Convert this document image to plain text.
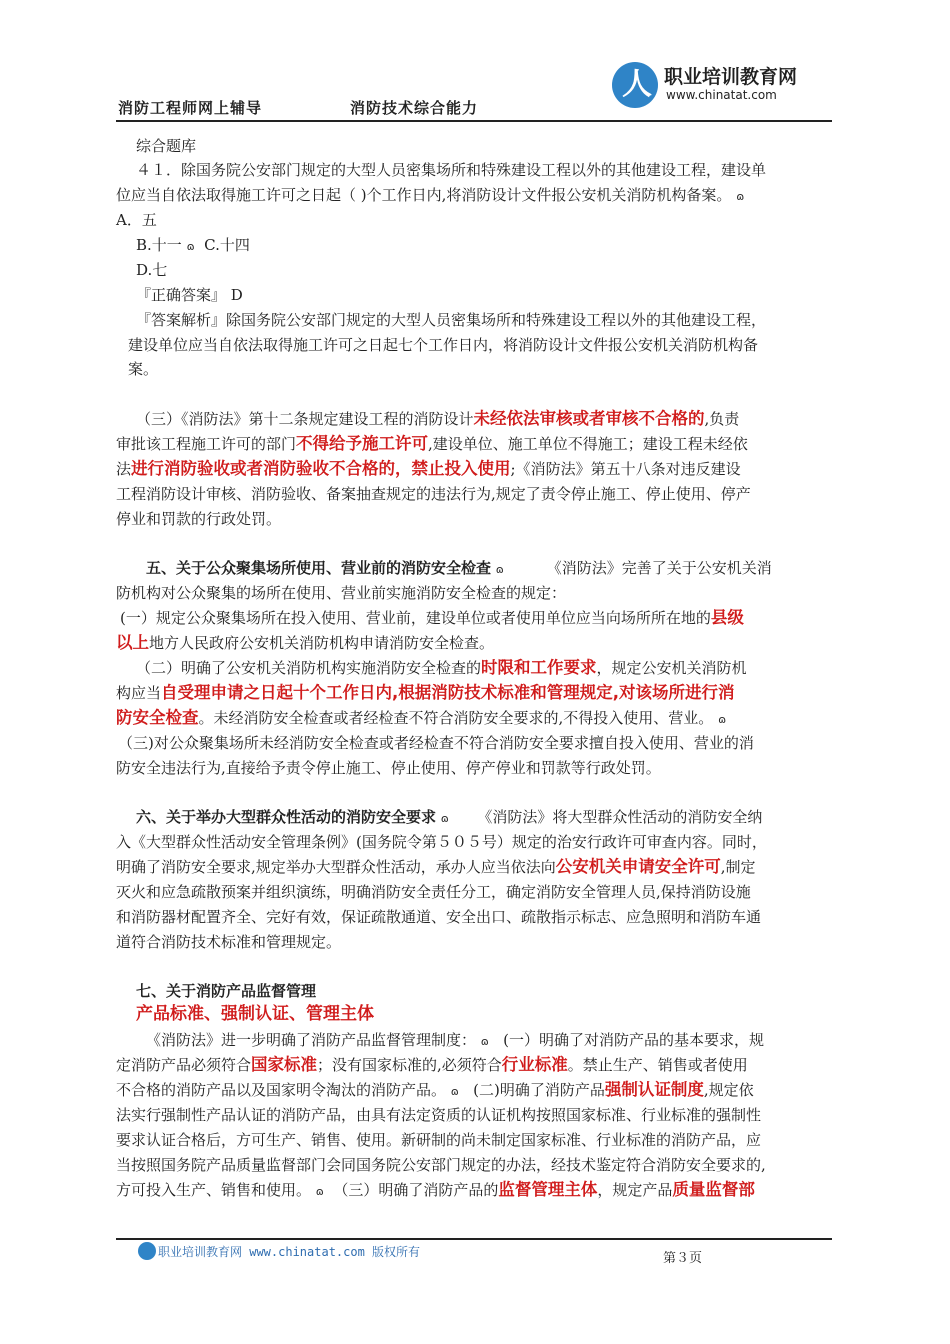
消防工程师网上辅导	消防技术综合能力
人 职业培训教育网
www.chinatat.com
综合题库
４１．除国务院公安部门规定的大型人员密集场所和特殊建设工程以外的其他建设工程，建设单
位应当自依法取得施工许可之日起（ )个工作日内,将消防设计文件报公安机关消防机构备案。 ɷ
A．五
B.十一 ɷ C.十四
D.七
『正确答案』 D
『答案解析』除国务院公安部门规定的大型人员密集场所和特殊建设工程以外的其他建设工程，
建设单位应当自依法取得施工许可之日起七个工作日内，将消防设计文件报公安机关消防机构备
案。
（三）《消防法》第十二条规定建设工程的消防设计未经依法审核或者审核不合格的,负责
审批该工程施工许可的部门不得给予施工许可,建设单位、施工单位不得施工；建设工程未经依
法进行消防验收或者消防验收不合格的，禁止投入使用;《消防法》第五十八条对违反建设
工程消防设计审核、消防验收、备案抽查规定的违法行为,规定了责令停止施工、停止使用、停产
停业和罚款的行政处罚。
五、关于公众聚集场所使用、营业前的消防安全检查 ɷ	《消防法》完善了关于公安机关消
防机构对公众聚集的场所在使用、营业前实施消防安全检查的规定：
(一）规定公众聚集场所在投入使用、营业前，建设单位或者使用单位应当向场所所在地的县级
以上地方人民政府公安机关消防机构申请消防安全检查。
（二）明确了公安机关消防机构实施消防安全检查的时限和工作要求，规定公安机关消防机
构应当自受理申请之日起十个工作日内,根据消防技术标准和管理规定,对该场所进行消
防安全检查。未经消防安全检查或者经检查不符合消防安全要求的,不得投入使用、营业。 ɷ
（三)对公众聚集场所未经消防安全检查或者经检查不符合消防安全要求擅自投入使用、营业的消
防安全违法行为,直接给予责令停止施工、停止使用、停产停业和罚款等行政处罚。
六、关于举办大型群众性活动的消防安全要求 ɷ 《消防法》将大型群众性活动的消防安全纳
入《大型群众性活动安全管理条例》(国务院令第５０５号）规定的治安行政许可审查内容。同时，
明确了消防安全要求,规定举办大型群众性活动，承办人应当依法向公安机关申请安全许可,制定
灭火和应急疏散预案并组织演练，明确消防安全责任分工，确定消防安全管理人员,保持消防设施
和消防器材配置齐全、完好有效，保证疏散通道、安全出口、疏散指示标志、应急照明和消防车通
道符合消防技术标准和管理规定。
七、关于消防产品监督管理
产品标准、强制认证、管理主体
《消防法》进一步明确了消防产品监督管理制度： ɷ (一）明确了对消防产品的基本要求，规
定消防产品必须符合国家标准；没有国家标准的,必须符合行业标准。禁止生产、销售或者使用
不合格的消防产品以及国家明令淘汰的消防产品。 ɷ (二)明确了消防产品强制认证制度,规定依
法实行强制性产品认证的消防产品，由具有法定资质的认证机构按照国家标准、行业标准的强制性
要求认证合格后，方可生产、销售、使用。新研制的尚未制定国家标准、行业标准的消防产品，应
当按照国务院产品质量监督部门会同国务院公安部门规定的办法，经技术鉴定符合消防安全要求的,
方可投入生产、销售和使用。 ɷ （三）明确了消防产品的监督管理主体，规定产品质量监督部
职业培训教育网 www.chinatat.com 版权所有	第３页
